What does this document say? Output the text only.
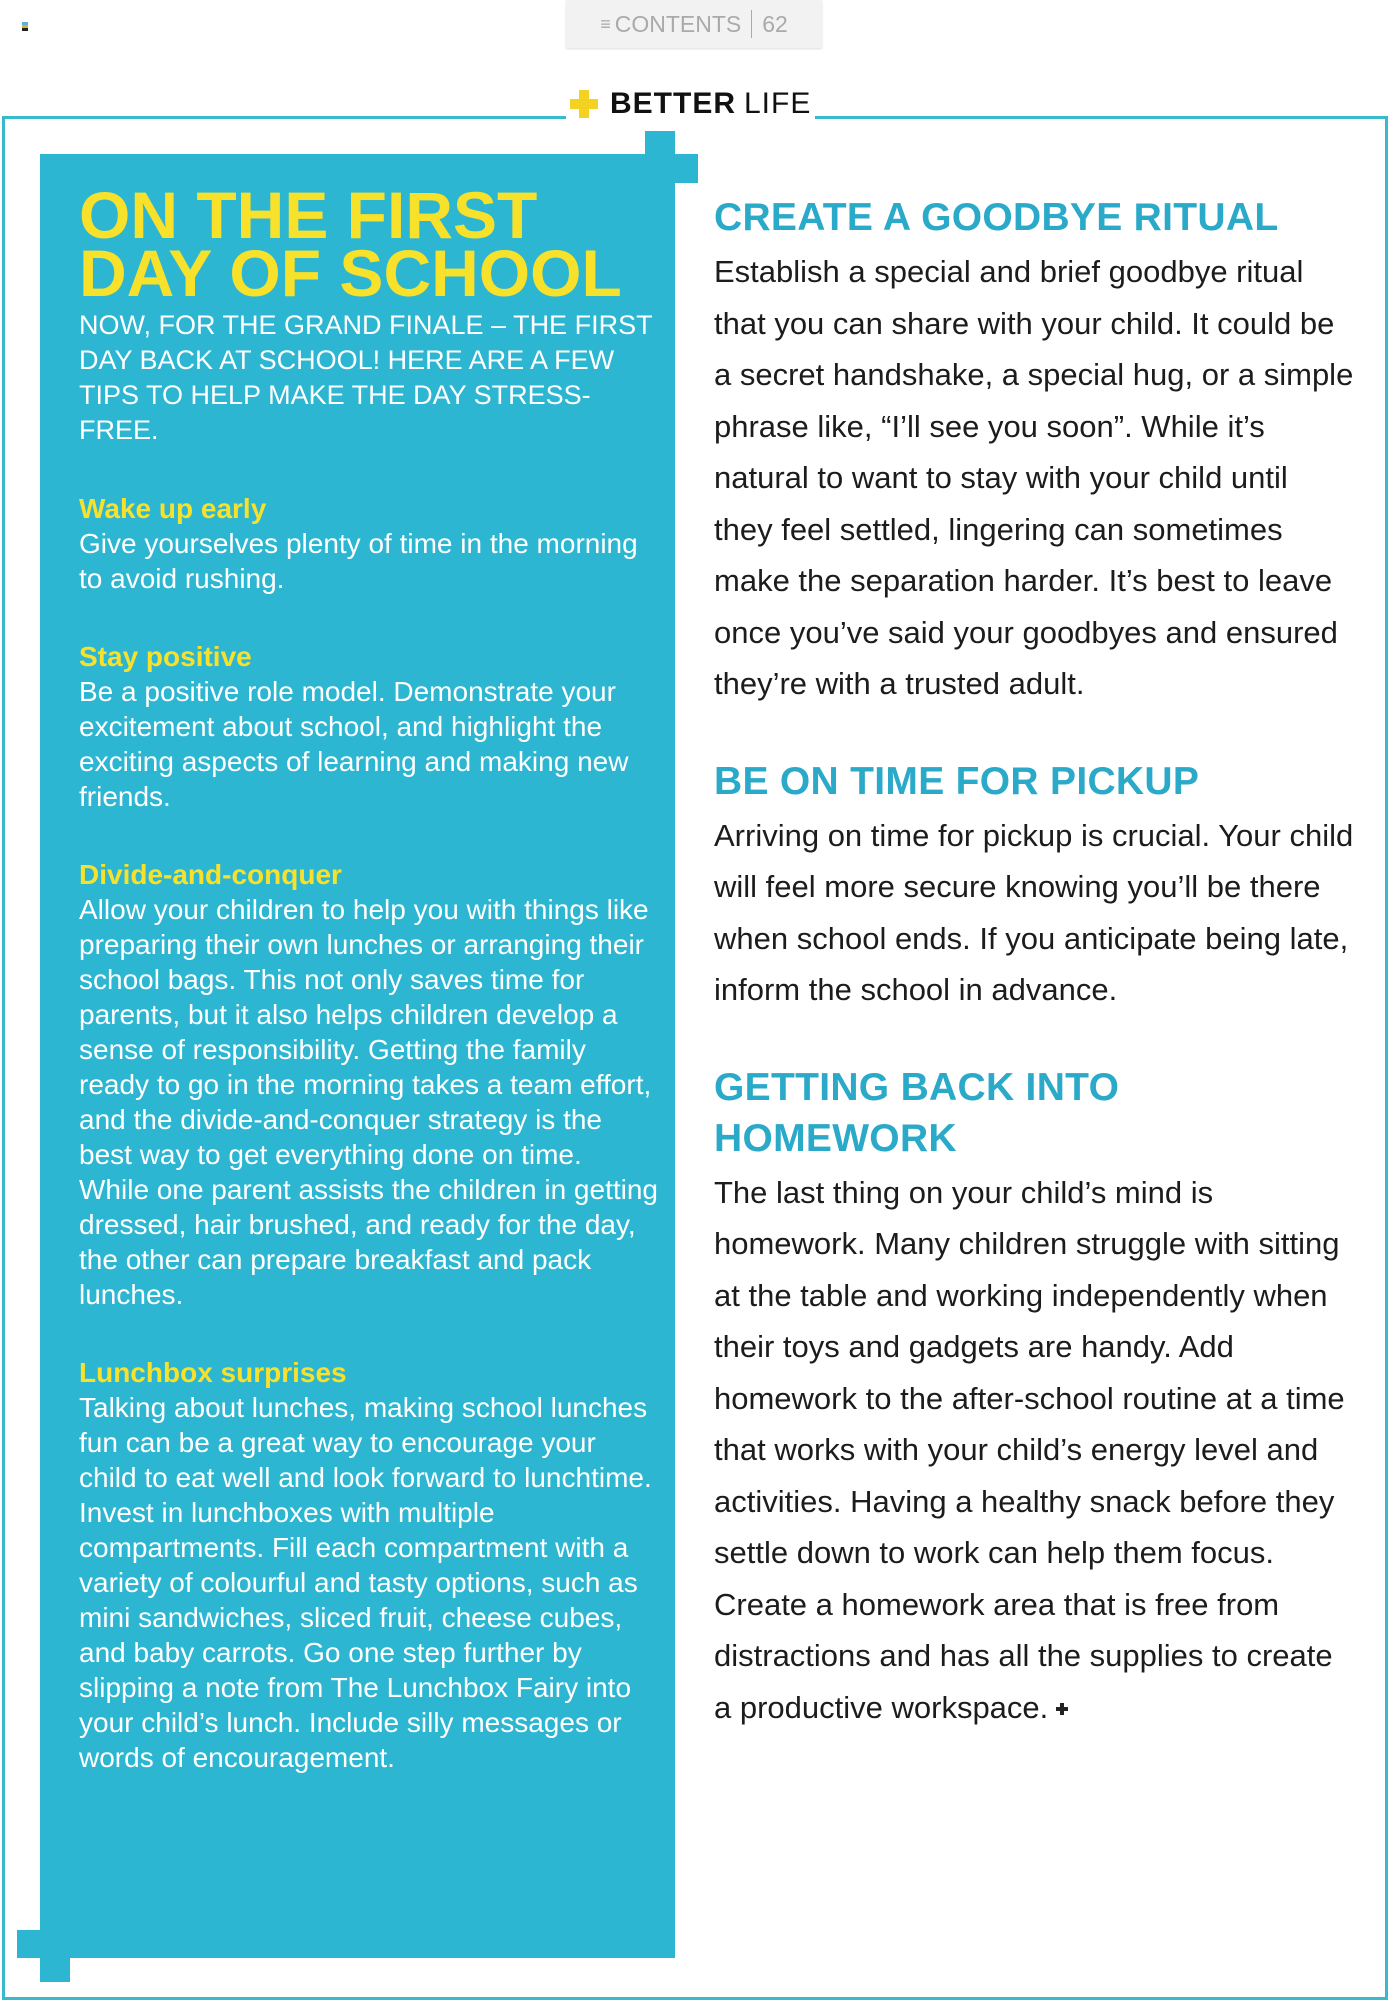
≡ CONTENTS 62
BETTER LIFE
ON THE FIRST
DAY OF SCHOOL
NOW, FOR THE GRAND FINALE – THE FIRST DAY BACK AT SCHOOL! HERE ARE A FEW TIPS TO HELP MAKE THE DAY STRESS-FREE.
Wake up early

Give yourselves plenty of time in the morning to avoid rushing.

Stay positive

Be a positive role model. Demonstrate your excitement about school, and highlight the exciting aspects of learning and making new friends.

Divide-and-conquer

Allow your children to help you with things like preparing their own lunches or arranging their school bags. This not only saves time for parents, but it also helps children develop a sense of responsibility. Getting the family ready to go in the morning takes a team effort, and the divide-and-conquer strategy is the best way to get everything done on time. While one parent assists the children in getting dressed, hair brushed, and ready for the day, the other can prepare breakfast and pack lunches.

Lunchbox surprises

Talking about lunches, making school lunches fun can be a great way to encourage your child to eat well and look forward to lunchtime. Invest in lunchboxes with multiple compartments. Fill each compartment with a variety of colourful and tasty options, such as mini sandwiches, sliced fruit, cheese cubes, and baby carrots. Go one step further by slipping a note from The Lunchbox Fairy into your child’s lunch. Include silly messages or words of encouragement.

CREATE A GOODBYE RITUAL

Establish a special and brief goodbye ritual that you can share with your child. It could be a secret handshake, a special hug, or a simple phrase like, “I’ll see you soon”. While it’s natural to want to stay with your child until they feel settled, lingering can sometimes make the separation harder. It’s best to leave once you’ve said your goodbyes and ensured they’re with a trusted adult.

BE ON TIME FOR PICKUP

Arriving on time for pickup is crucial. Your child will feel more secure knowing you’ll be there when school ends. If you anticipate being late, inform the school in advance.

GETTING BACK INTO HOMEWORK

The last thing on your child’s mind is homework. Many children struggle with sitting at the table and working independently when their toys and gadgets are handy. Add homework to the after-school routine at a time that works with your child’s energy level and activities. Having a healthy snack before they settle down to work can help them focus. Create a homework area that is free from distractions and has all the supplies to create a productive workspace.
